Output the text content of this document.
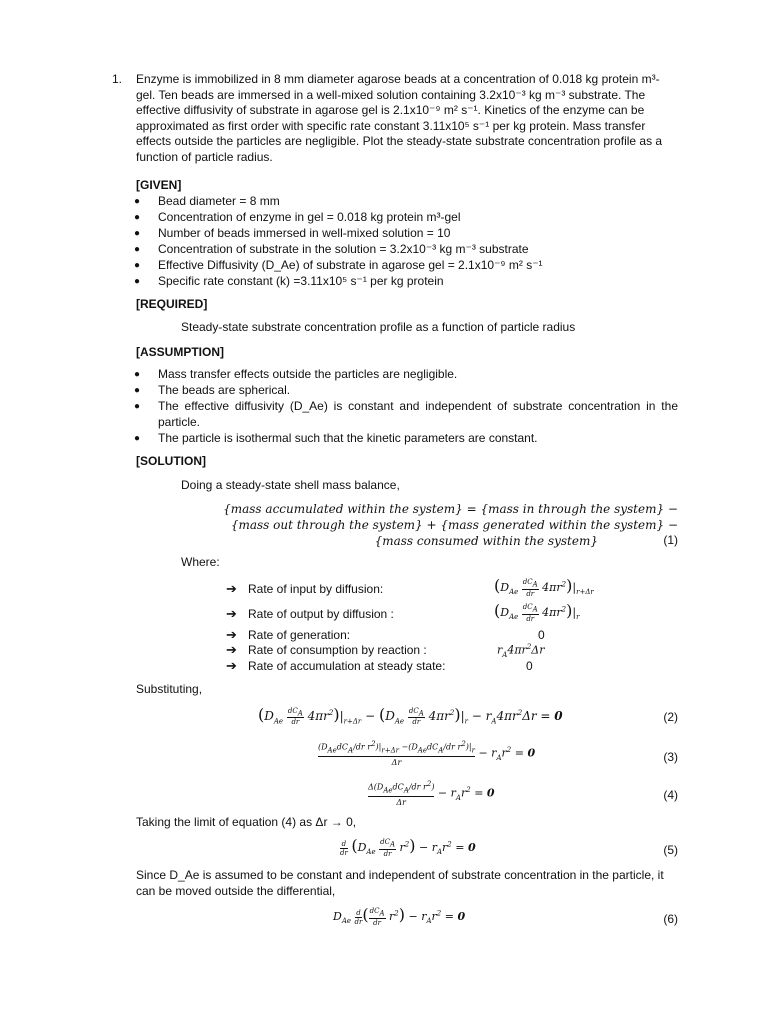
1. Enzyme is immobilized in 8 mm diameter agarose beads at a concentration of 0.018 kg protein m³-
gel. Ten beads are immersed in a well-mixed solution containing 3.2x10⁻³ kg m⁻³ substrate. The
effective diffusivity of substrate in agarose gel is 2.1x10⁻⁹ m² s⁻¹. Kinetics of the enzyme can be
approximated as first order with specific rate constant 3.11x10⁵ s⁻¹ per kg protein. Mass transfer
effects outside the particles are negligible. Plot the steady-state substrate concentration profile as a
function of particle radius.
[GIVEN]
●	Bead diameter = 8 mm
●	Concentration of enzyme in gel = 0.018 kg protein m³-gel
●	Number of beads immersed in well-mixed solution = 10
●	Concentration of substrate in the solution = 3.2x10⁻³ kg m⁻³ substrate
●	Effective Diffusivity (D_Ae) of substrate in agarose gel = 2.1x10⁻⁹ m² s⁻¹
●	Specific rate constant (k) =3.11x10⁵ s⁻¹ per kg protein
[REQUIRED]
Steady-state substrate concentration profile as a function of particle radius
[ASSUMPTION]
●	Mass transfer effects outside the particles are negligible.
●	The beads are spherical.
●	The effective diffusivity (D_Ae) is constant and independent of substrate concentration in the particle.
●	The particle is isothermal such that the kinetic parameters are constant.
[SOLUTION]
Doing a steady-state shell mass balance,
{mass accumulated within the system} = {mass in through the system} −
{mass out through the system} + {mass generated within the system} −
{mass consumed within the system}	(1)
Where:
➔ Rate of input by diffusion:	$(D_{Ae} \frac{dC_A}{dr} 4\pi r^2)|_{r+\Delta r}$
➔ Rate of output by diffusion :	$(D_{Ae} \frac{dC_A}{dr} 4\pi r^2)|_r$
➔ Rate of generation:	0
➔ Rate of consumption by reaction :	$r_A4\pi r^2\Delta r$
➔ Rate of accumulation at steady state:	0
Substituting,
$(D_{Ae} \frac{dC_A}{dr} 4\pi r^2)|_{r+\Delta r} - (D_{Ae} \frac{dC_A}{dr} 4\pi r^2)|_r - r_A4\pi r^2\Delta r = 0$	(2)
($D_{Ae}dC_A/dr$ $r^2)|_{r+\Delta r} -(D_{Ae}dC_A/dr$ $r^2)|_r$
Δr
− $r_Ar^2 = 0$	(3)
$\Delta(D_{Ae}dC_A/dr$ $r^2$)
Δr
− $r_Ar^2 = 0$	(4)
Taking the limit of equation (4) as Δr → 0,
$\frac{d}{dr} (D_{Ae} \frac{dC_A}{dr} r^2) - r_Ar^2 = 0$	(5)
Since D_Ae is assumed to be constant and independent of substrate concentration in the particle, it
can be moved outside the differential,
$D_{Ae} \frac{d}{dr}$ ( $\frac{dC_A}{dr} r^2) - r_Ar^2 = 0$	(6)
